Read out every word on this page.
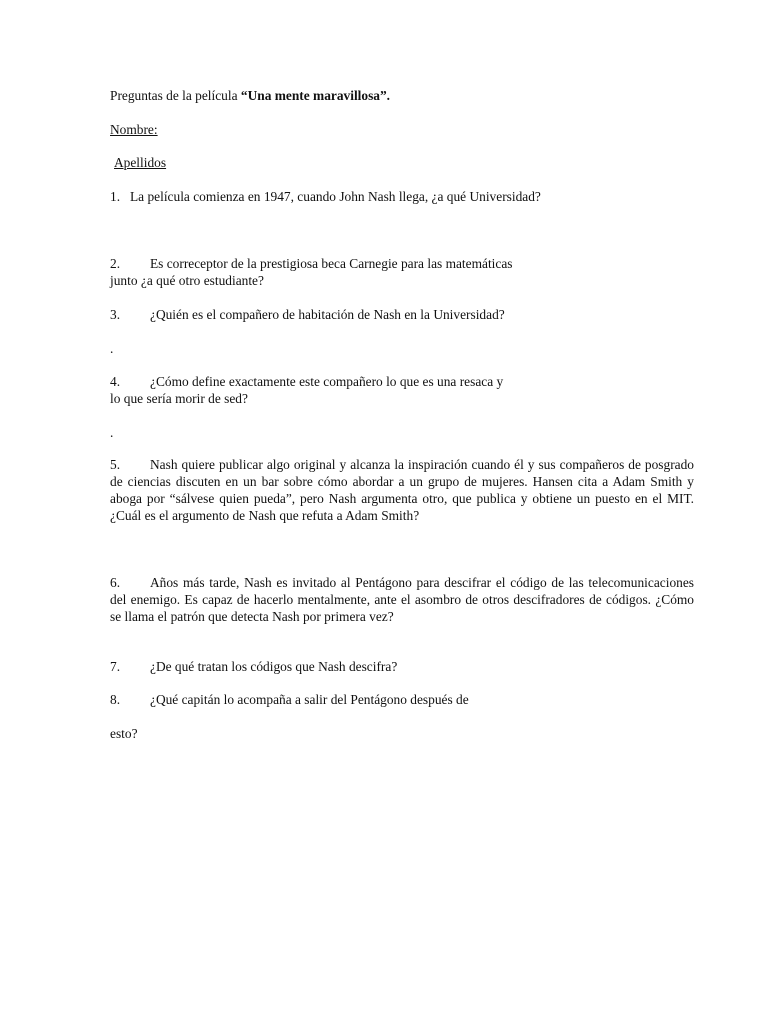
Preguntas de la película “Una mente maravillosa”.

Nombre:

Apellidos

1. La película comienza en 1947, cuando John Nash llega, ¿a qué Universidad?

2. Es correceptor de la prestigiosa beca Carnegie para las matemáticas
junto ¿a qué otro estudiante?

3. ¿Quién es el compañero de habitación de Nash en la Universidad?

.

4. ¿Cómo define exactamente este compañero lo que es una resaca y
lo que sería morir de sed?

.

5. Nash quiere publicar algo original y alcanza la inspiración cuando él y sus compañeros de posgrado de ciencias discuten en un bar sobre cómo abordar a un grupo de mujeres. Hansen cita a Adam Smith y aboga por “sálvese quien pueda”, pero Nash argumenta otro, que publica y obtiene un puesto en el MIT. ¿Cuál es el argumento de Nash que refuta a Adam Smith?

6. Años más tarde, Nash es invitado al Pentágono para descifrar el código de las telecomunicaciones del enemigo. Es capaz de hacerlo mentalmente, ante el asombro de otros descifradores de códigos. ¿Cómo se llama el patrón que detecta Nash por primera vez?

7. ¿De qué tratan los códigos que Nash descifra?

8. ¿Qué capitán lo acompaña a salir del Pentágono después de

esto?
